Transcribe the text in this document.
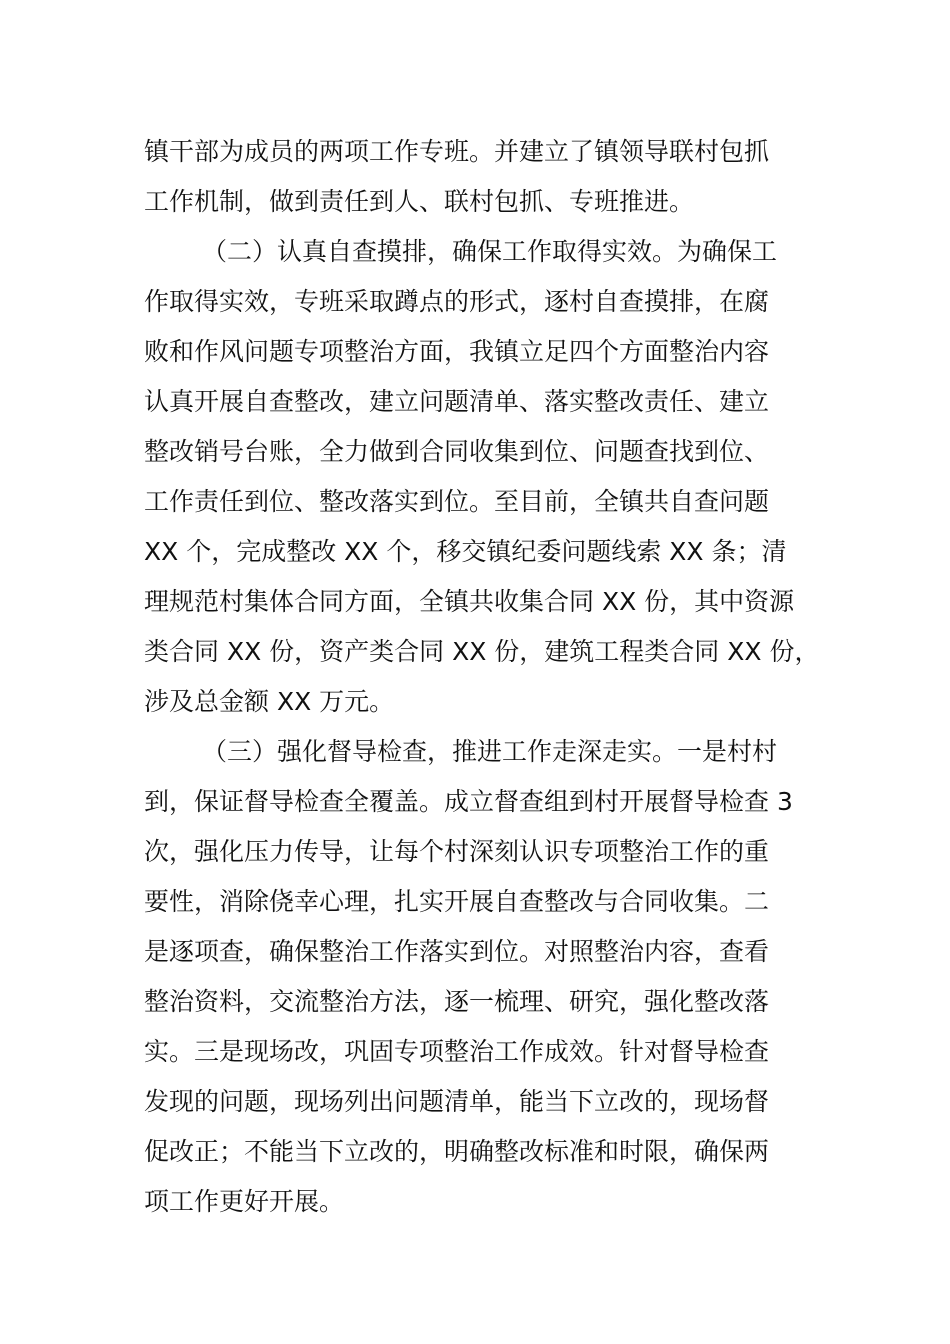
镇干部为成员的两项工作专班。并建立了镇领导联村包抓
工作机制，做到责任到人、联村包抓、专班推进。
（二）认真自查摸排，确保工作取得实效。为确保工
作取得实效，专班采取蹲点的形式，逐村自查摸排，在腐
败和作风问题专项整治方面，我镇立足四个方面整治内容
认真开展自查整改，建立问题清单、落实整改责任、建立
整改销号台账，全力做到合同收集到位、问题查找到位、
工作责任到位、整改落实到位。至目前，全镇共自查问题
XX 个，完成整改 XX 个，移交镇纪委问题线索 XX 条；清
理规范村集体合同方面，全镇共收集合同 XX 份，其中资源
类合同 XX 份，资产类合同 XX 份，建筑工程类合同 XX 份，
涉及总金额 XX 万元。
（三）强化督导检查，推进工作走深走实。一是村村
到，保证督导检查全覆盖。成立督查组到村开展督导检查 3
次，强化压力传导，让每个村深刻认识专项整治工作的重
要性，消除侥幸心理，扎实开展自查整改与合同收集。二
是逐项查，确保整治工作落实到位。对照整治内容，查看
整治资料，交流整治方法，逐一梳理、研究，强化整改落
实。三是现场改，巩固专项整治工作成效。针对督导检查
发现的问题，现场列出问题清单，能当下立改的，现场督
促改正；不能当下立改的，明确整改标准和时限，确保两
项工作更好开展。
